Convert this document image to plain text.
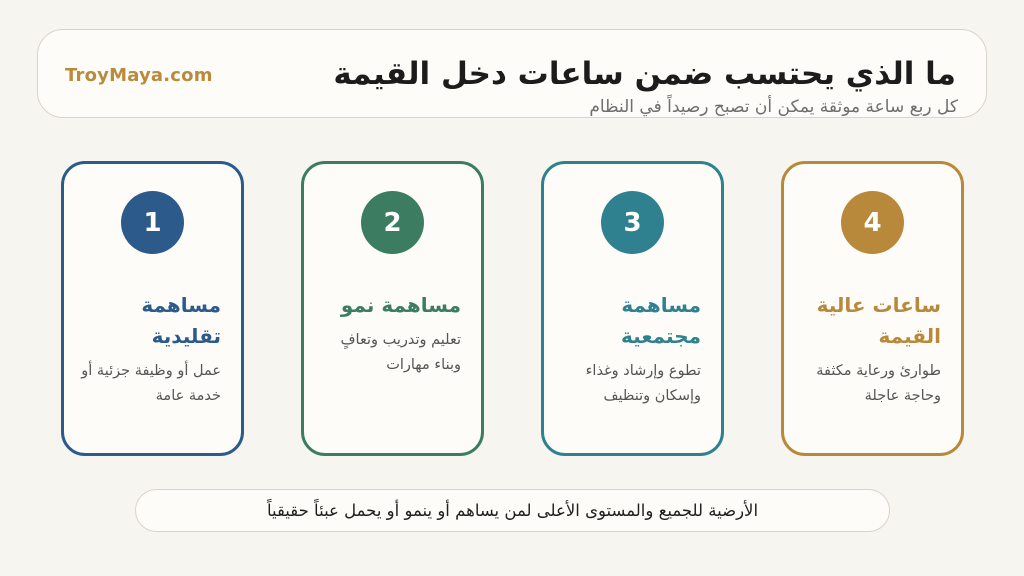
TroyMaya.com	ما الذي يحتسب ضمن ساعات دخل القيمة
كل ربع ساعة موثقة يمكن أن تصبح رصيداً في النظام
1
مساهمة تقليدية
عمل أو وظيفة جزئية أو خدمة عامة
2
مساهمة نمو
تعليم وتدريب وتعافٍ وبناء مهارات
3
مساهمة مجتمعية
تطوع وإرشاد وغذاء وإسكان وتنظيف
4
ساعات عالية القيمة
طوارئ ورعاية مكثفة وحاجة عاجلة
الأرضية للجميع والمستوى الأعلى لمن يساهم أو ينمو أو يحمل عبئاً حقيقياً
